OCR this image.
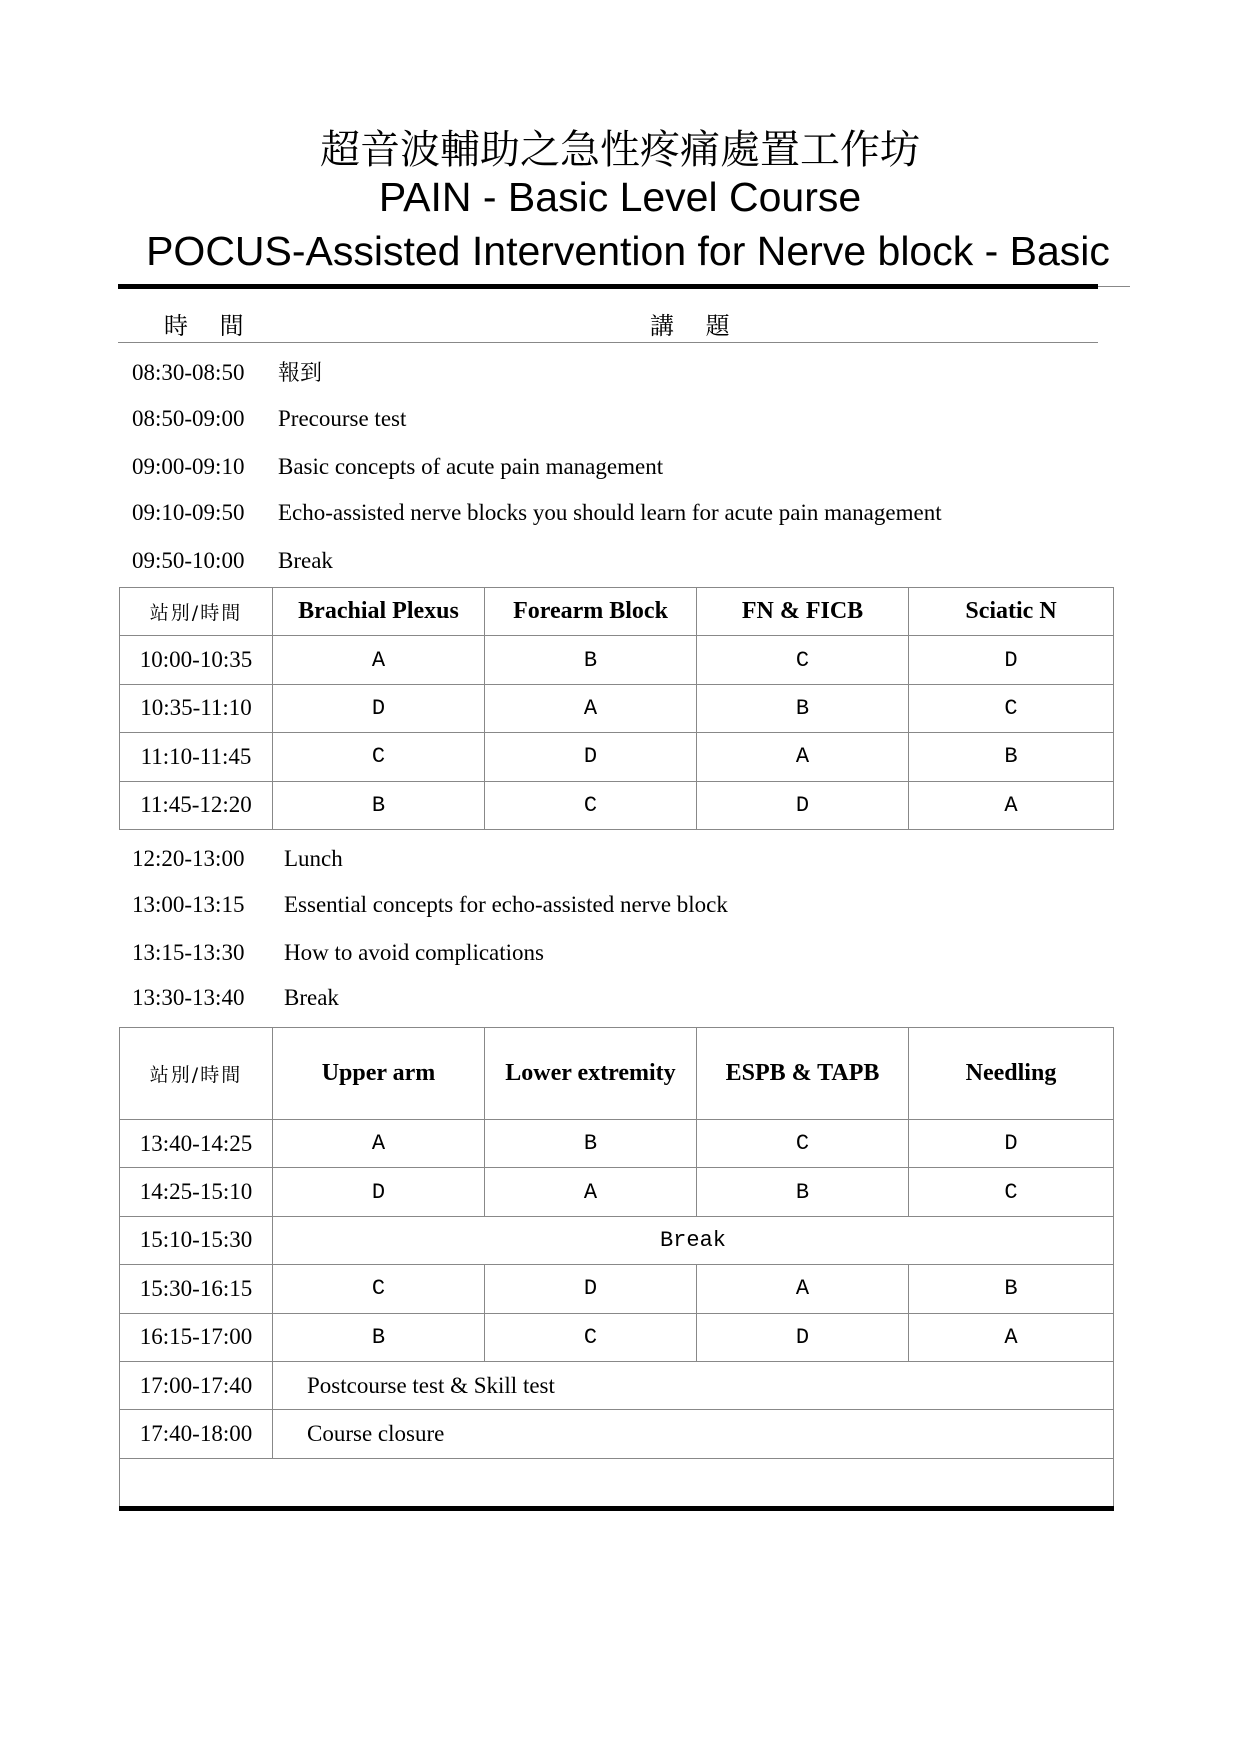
超音波輔助之急性疼痛處置工作坊
PAIN - Basic Level Course
POCUS-Assisted Intervention for Nerve block - Basic
時 間	講 題
08:30-08:50 報到
08:50-09:00 Precourse test
09:00-09:10 Basic concepts of acute pain management
09:10-09:50 Echo-assisted nerve blocks you should learn for acute pain management
09:50-10:00 Break
站別/時間	Brachial Plexus	Forearm Block	FN & FICB	Sciatic N
10:00-10:35	A	B	C	D
10:35-11:10	D	A	B	C
11:10-11:45	C	D	A	B
11:45-12:20	B	C	D	A
12:20-13:00 Lunch
13:00-13:15 Essential concepts for echo-assisted nerve block
13:15-13:30 How to avoid complications
13:30-13:40 Break
站別/時間	Upper arm	Lower extremity	ESPB & TAPB	Needling
13:40-14:25	A	B	C	D
14:25-15:10	D	A	B	C
15:10-15:30	Break			
15:30-16:15	C	D	A	B
16:15-17:00	B	C	D	A
17:00-17:40	Postcourse test & Skill test			
17:40-18:00	Course closure			
